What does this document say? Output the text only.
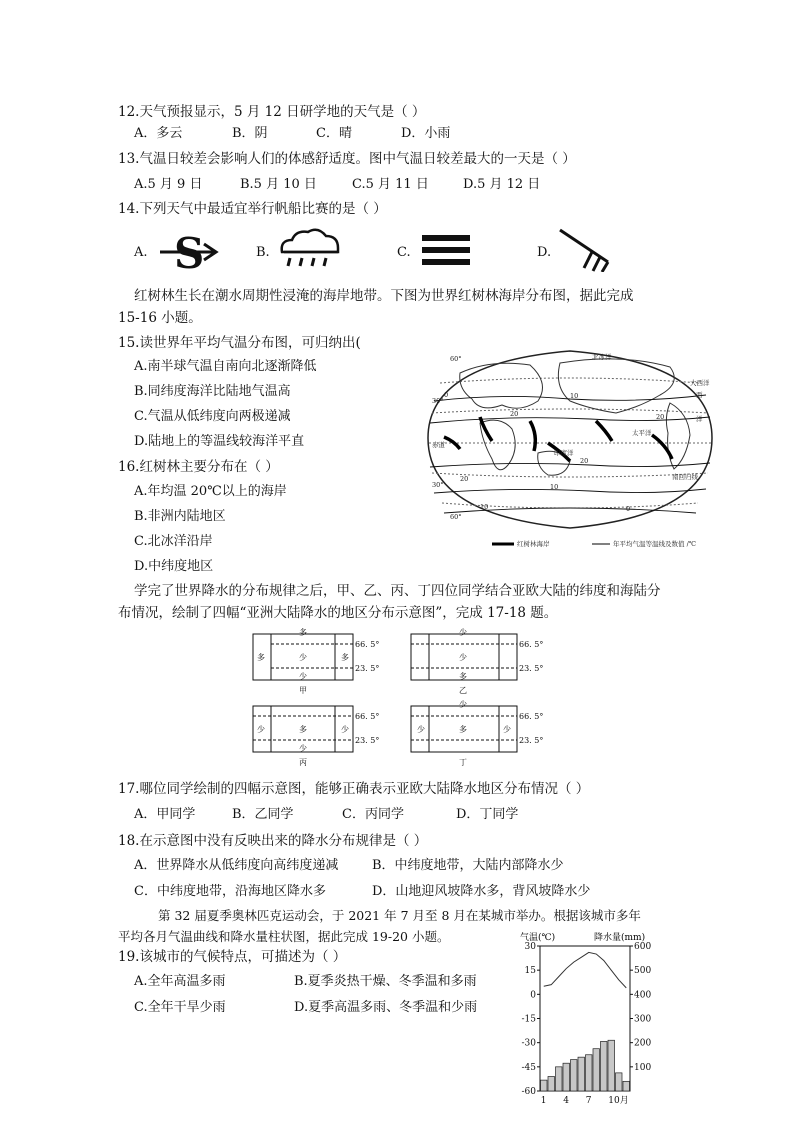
12.天气预报显示，5 月 12 日研学地的天气是（ ）
A．多云	B．阴	C．晴	D．小雨
13.气温日较差会影响人们的体感舒适度。图中气温日较差最大的一天是（ ）
A.5 月 9 日	B.5 月 10 日	C.5 月 11 日	D.5 月 12 日
14.下列天气中最适宜举行帆船比赛的是（ ）
A.	B.	C.	D.
S
红树林生长在潮水周期性浸淹的海岸地带。下图为世界红树林海岸分布图，据此完成
15-16 小题。
15.读世界年平均气温分布图，可归纳出(
A.南半球气温自南向北逐渐降低
B.同纬度海洋比陆地气温高
C.气温从低纬度向两极递减
D.陆地上的等温线较海洋平直
16.红树林主要分布在（ ）
A.年均温 20℃以上的海岸
B.非洲内陆地区
C.北冰洋沿岸
D.中纬度地区
60°
30°
赤道
30°
60°
北冰洋
太平洋
印度洋
大西洋
西
洋
南回归线
0	10
20
20
20
10
0
10
20
红树林海岸	年平均气温等温线及数值 /℃
学完了世界降水的分布规律之后，甲、乙、丙、丁四位同学结合亚欧大陆的纬度和海陆分
布情况，绘制了四幅“亚洲大陆降水的地区分布示意图”，完成 17-18 题。
多
多	少	多
少
甲
少
少
多
乙
少	多	少
少
丙
少
少	多	少
丁
66. 5°
23. 5°
66. 5°
23. 5°
66. 5°
23. 5°
66. 5°
23. 5°
17.哪位同学绘制的四幅示意图，能够正确表示亚欧大陆降水地区分布情况（ ）
A．甲同学	B．乙同学	C．丙同学	D．丁同学
18.在示意图中没有反映出来的降水分布规律是（ ）
A．世界降水从低纬度向高纬度递减	B．中纬度地带，大陆内部降水少
C．中纬度地带，沿海地区降水多	D．山地迎风坡降水多，背风坡降水少
第 32 届夏季奥林匹克运动会，于 2021 年 7 月至 8 月在某城市举办。根据该城市多年
平均各月气温曲线和降水量柱状图，据此完成 19-20 小题。
19.该城市的气候特点，可描述为（ ）
A.全年高温多雨	B.夏季炎热干燥、冬季温和多雨
C.全年干旱少雨	D.夏季高温多雨、冬季温和少雨
气温(℃)	降水量(mm)
30
15
0
-15
-30
-45
-60
600
500
400
300
200
100
1 4 7 10月
